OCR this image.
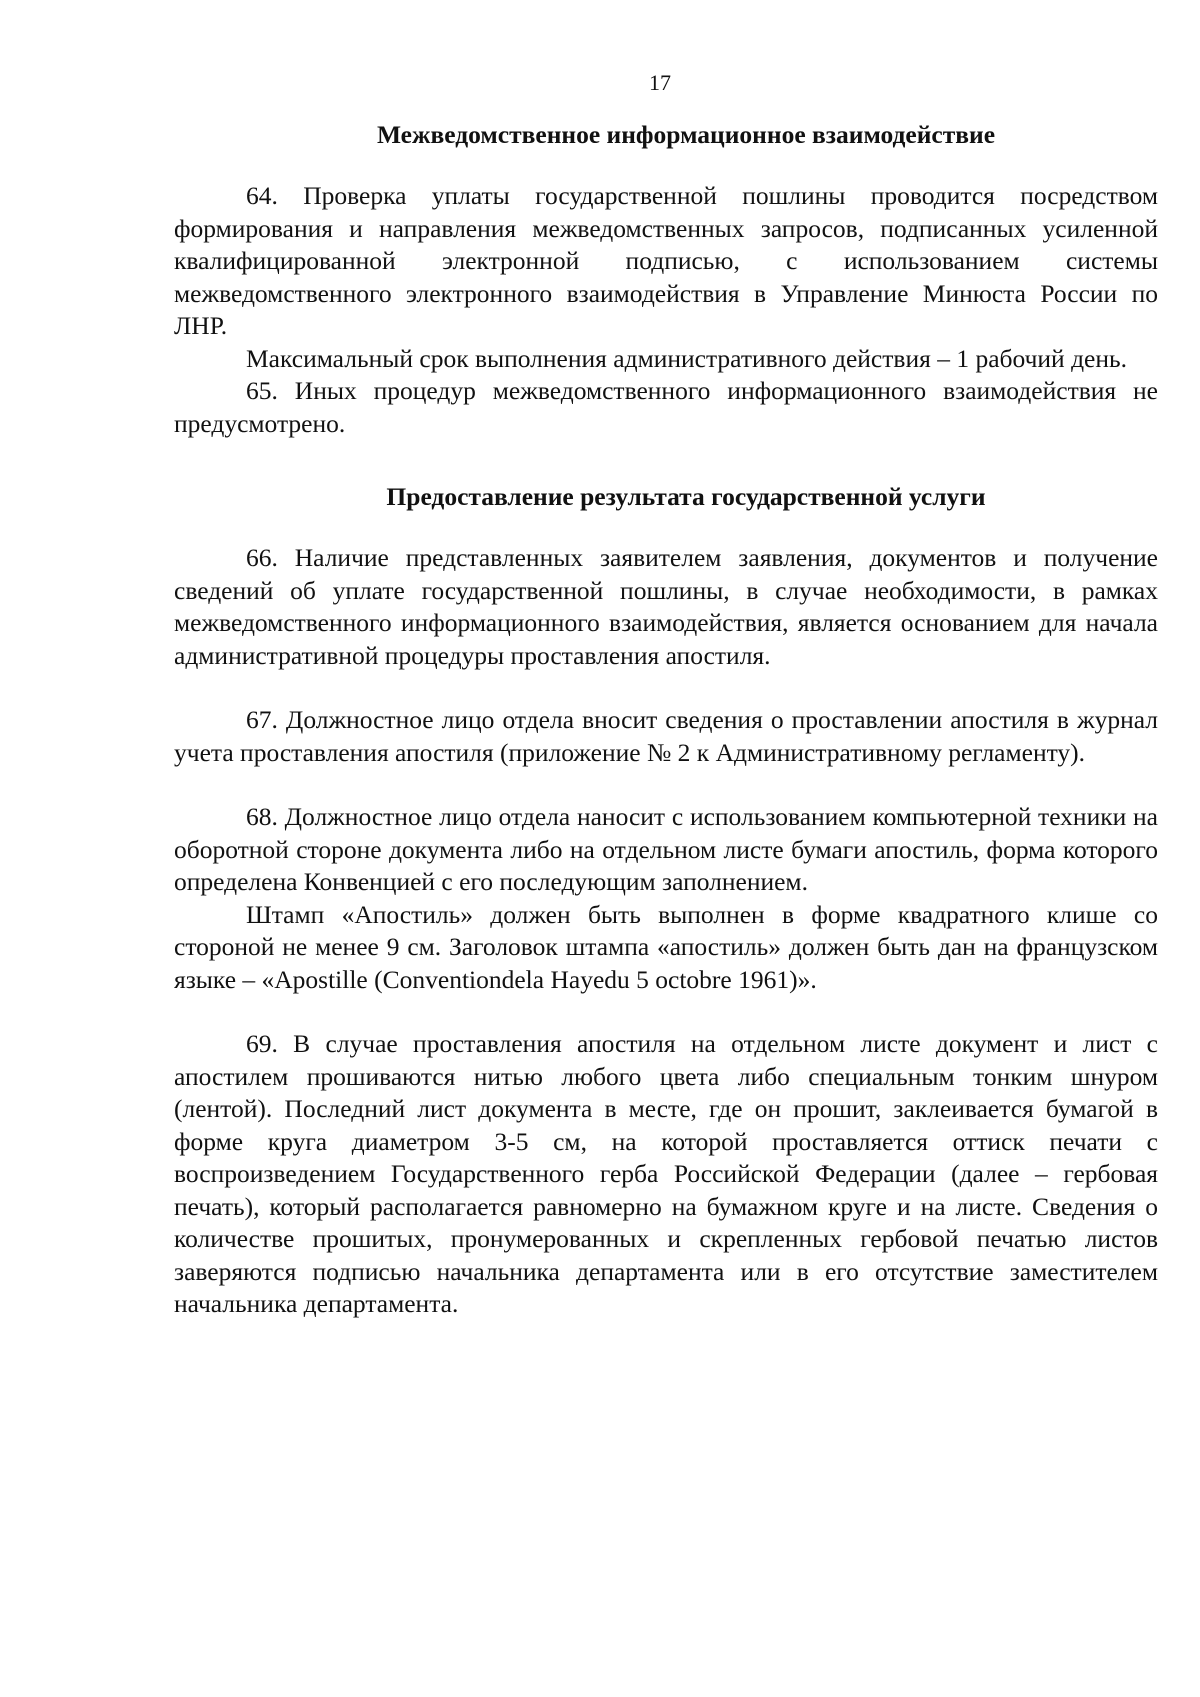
17
Межведомственное информационное взаимодействие

64. Проверка уплаты государственной пошлины проводится посредством формирования и направления межведомственных запросов, подписанных усиленной квалифицированной электронной подписью, с использованием системы межведомственного электронного взаимодействия в Управление Минюста России по ЛНР.

Максимальный срок выполнения административного действия – 1 рабочий день.

65. Иных процедур межведомственного информационного взаимодействия не предусмотрено.

Предоставление результата государственной услуги

66. Наличие представленных заявителем заявления, документов и получение сведений об уплате государственной пошлины, в случае необходимости, в рамках межведомственного информационного взаимодействия, является основанием для начала административной процедуры проставления апостиля.

67. Должностное лицо отдела вносит сведения о проставлении апостиля в журнал учета проставления апостиля (приложение № 2 к Административному регламенту).

68. Должностное лицо отдела наносит с использованием компьютерной техники на оборотной стороне документа либо на отдельном листе бумаги апостиль, форма которого определена Конвенцией с его последующим заполнением.

Штамп «Апостиль» должен быть выполнен в форме квадратного клише со стороной не менее 9 см. Заголовок штампа «апостиль» должен быть дан на французском языке – «Apostille (Conventiondela Hayedu 5 octobre 1961)».

69. В случае проставления апостиля на отдельном листе документ и лист с апостилем прошиваются нитью любого цвета либо специальным тонким шнуром (лентой). Последний лист документа в месте, где он прошит, заклеивается бумагой в форме круга диаметром 3-5 см, на которой проставляется оттиск печати с воспроизведением Государственного герба Российской Федерации (далее – гербовая печать), который располагается равномерно на бумажном круге и на листе. Сведения о количестве прошитых, пронумерованных и скрепленных гербовой печатью листов заверяются подписью начальника департамента или в его отсутствие заместителем начальника департамента.
